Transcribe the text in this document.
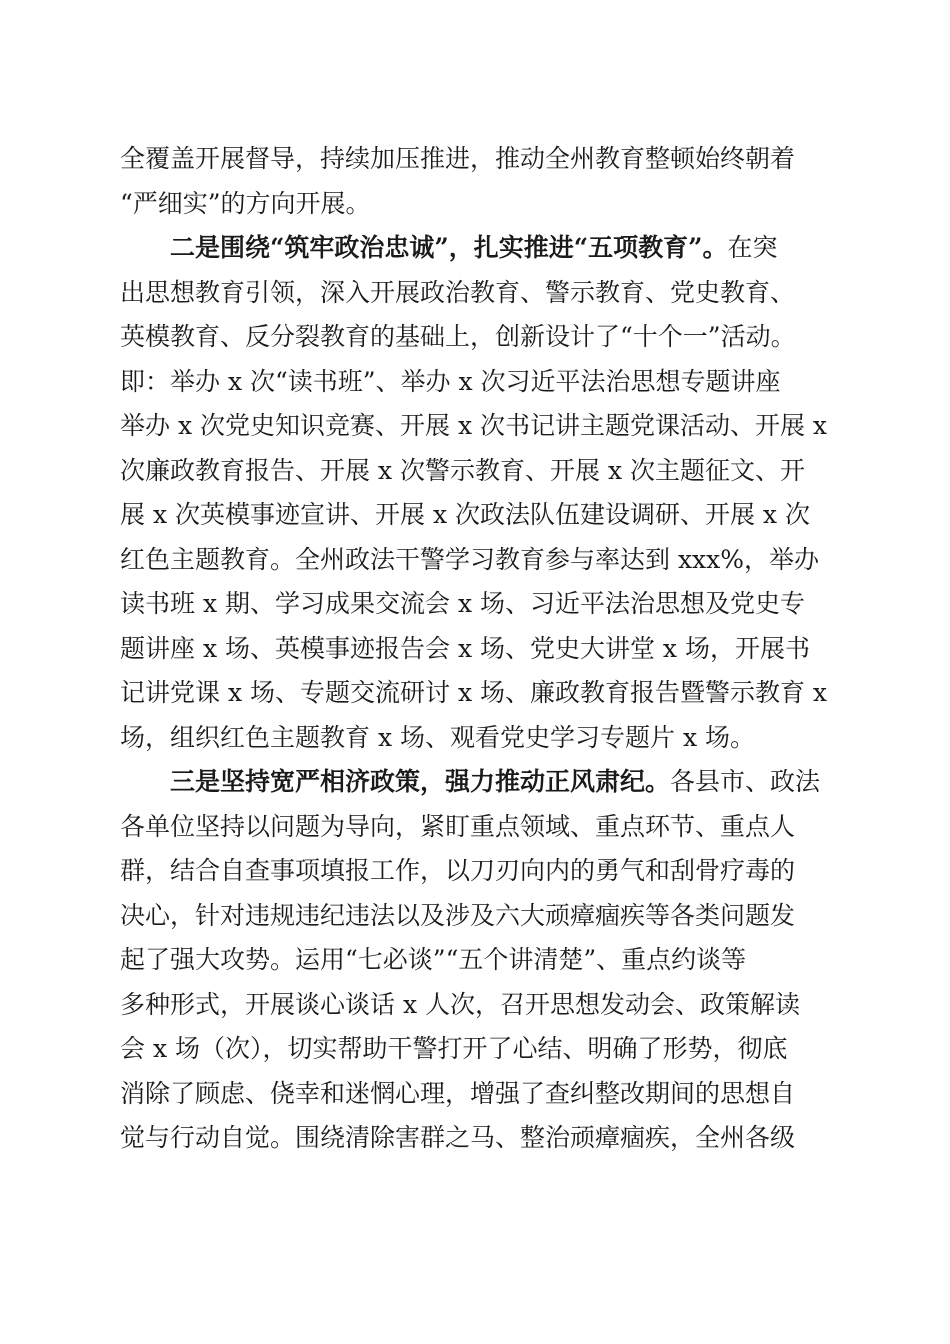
全覆盖开展督导，持续加压推进，推动全州教育整顿始终朝着
“严细实”的方向开展。
  二是围绕“筑牢政治忠诚”，扎实推进“五项教育”。在突
出思想教育引领，深入开展政治教育、警示教育、党史教育、
英模教育、反分裂教育的基础上，创新设计了“十个一”活动。
即：举办 x 次“读书班”、举办 x 次习近平法治思想专题讲座
举办 x 次党史知识竞赛、开展 x 次书记讲主题党课活动、开展 x
次廉政教育报告、开展 x 次警示教育、开展 x 次主题征文、开
展 x 次英模事迹宣讲、开展 x 次政法队伍建设调研、开展 x 次
红色主题教育。全州政法干警学习教育参与率达到 xxx%，举办
读书班 x 期、学习成果交流会 x 场、习近平法治思想及党史专
题讲座 x 场、英模事迹报告会 x 场、党史大讲堂 x 场，开展书
记讲党课 x 场、专题交流研讨 x 场、廉政教育报告暨警示教育 x
场，组织红色主题教育 x 场、观看党史学习专题片 x 场。
  三是坚持宽严相济政策，强力推动正风肃纪。各县市、政法
各单位坚持以问题为导向，紧盯重点领域、重点环节、重点人
群，结合自查事项填报工作，以刀刃向内的勇气和刮骨疗毒的
决心，针对违规违纪违法以及涉及六大顽瘴痼疾等各类问题发
起了强大攻势。运用“七必谈”“五个讲清楚”、重点约谈等
多种形式，开展谈心谈话 x 人次，召开思想发动会、政策解读
会 x 场（次），切实帮助干警打开了心结、明确了形势，彻底
消除了顾虑、侥幸和迷惘心理，增强了查纠整改期间的思想自
觉与行动自觉。围绕清除害群之马、整治顽瘴痼疾，全州各级
